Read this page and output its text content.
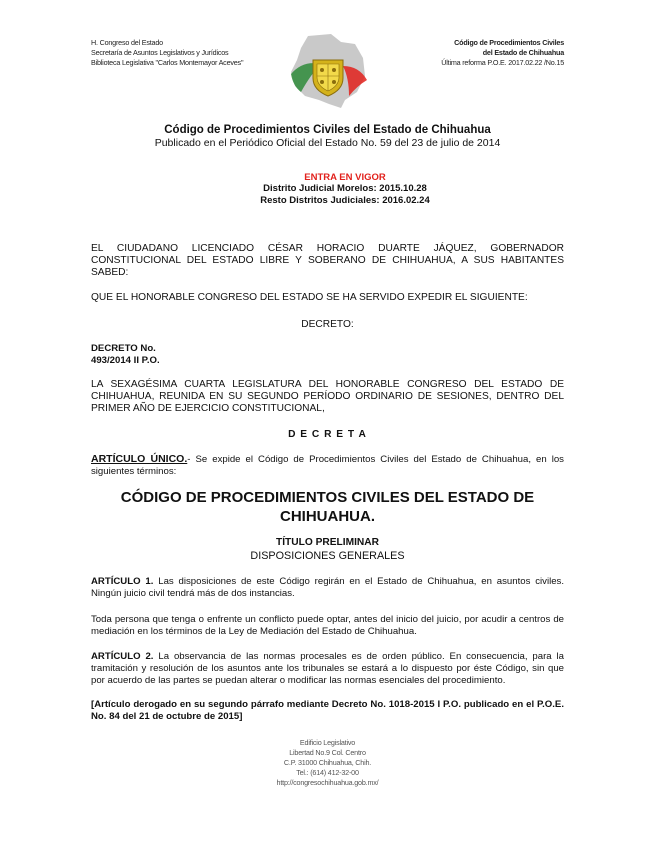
H. Congreso del Estado
Secretaría de Asuntos Legislativos y Jurídicos
Biblioteca Legislativa "Carlos Montemayor Aceves"
Código de Procedimientos Civiles
del Estado de Chihuahua
Última reforma P.O.E. 2017.02.22 /No.15
Código de Procedimientos Civiles del Estado de Chihuahua
Publicado en el Periódico Oficial del Estado No. 59 del 23 de julio de 2014
ENTRA EN VIGOR
Distrito Judicial Morelos: 2015.10.28
Resto Distritos Judiciales: 2016.02.24
EL CIUDADANO LICENCIADO CÉSAR HORACIO DUARTE JÁQUEZ, GOBERNADOR CONSTITUCIONAL DEL ESTADO LIBRE Y SOBERANO DE CHIHUAHUA, A SUS HABITANTES SABED:
QUE EL HONORABLE CONGRESO DEL ESTADO SE HA SERVIDO EXPEDIR EL SIGUIENTE:
DECRETO:
DECRETO No.
493/2014 II P.O.
LA SEXAGÉSIMA CUARTA LEGISLATURA DEL HONORABLE CONGRESO DEL ESTADO DE CHIHUAHUA, REUNIDA EN SU SEGUNDO PERÍODO ORDINARIO DE SESIONES, DENTRO DEL PRIMER AÑO DE EJERCICIO CONSTITUCIONAL,
D E C R E T A
ARTÍCULO ÚNICO.- Se expide el Código de Procedimientos Civiles del Estado de Chihuahua, en los siguientes términos:
CÓDIGO DE PROCEDIMIENTOS CIVILES DEL ESTADO DE
CHIHUAHUA.
TÍTULO PRELIMINAR
DISPOSICIONES GENERALES
ARTÍCULO 1. Las disposiciones de este Código regirán en el Estado de Chihuahua, en asuntos civiles. Ningún juicio civil tendrá más de dos instancias.
Toda persona que tenga o enfrente un conflicto puede optar, antes del inicio del juicio, por acudir a centros de mediación en los términos de la Ley de Mediación del Estado de Chihuahua.
ARTÍCULO 2. La observancia de las normas procesales es de orden público. En consecuencia, para la tramitación y resolución de los asuntos ante los tribunales se estará a lo dispuesto por éste Código, sin que por acuerdo de las partes se puedan alterar o modificar las normas esenciales del procedimiento.
[Artículo derogado en su segundo párrafo mediante Decreto No. 1018-2015 I P.O. publicado en el P.O.E. No. 84 del 21 de octubre de 2015]
Edificio Legislativo
Libertad No.9 Col. Centro
C.P. 31000 Chihuahua, Chih.
Tel.: (614) 412-32-00
http://congresochihuahua.gob.mx/
